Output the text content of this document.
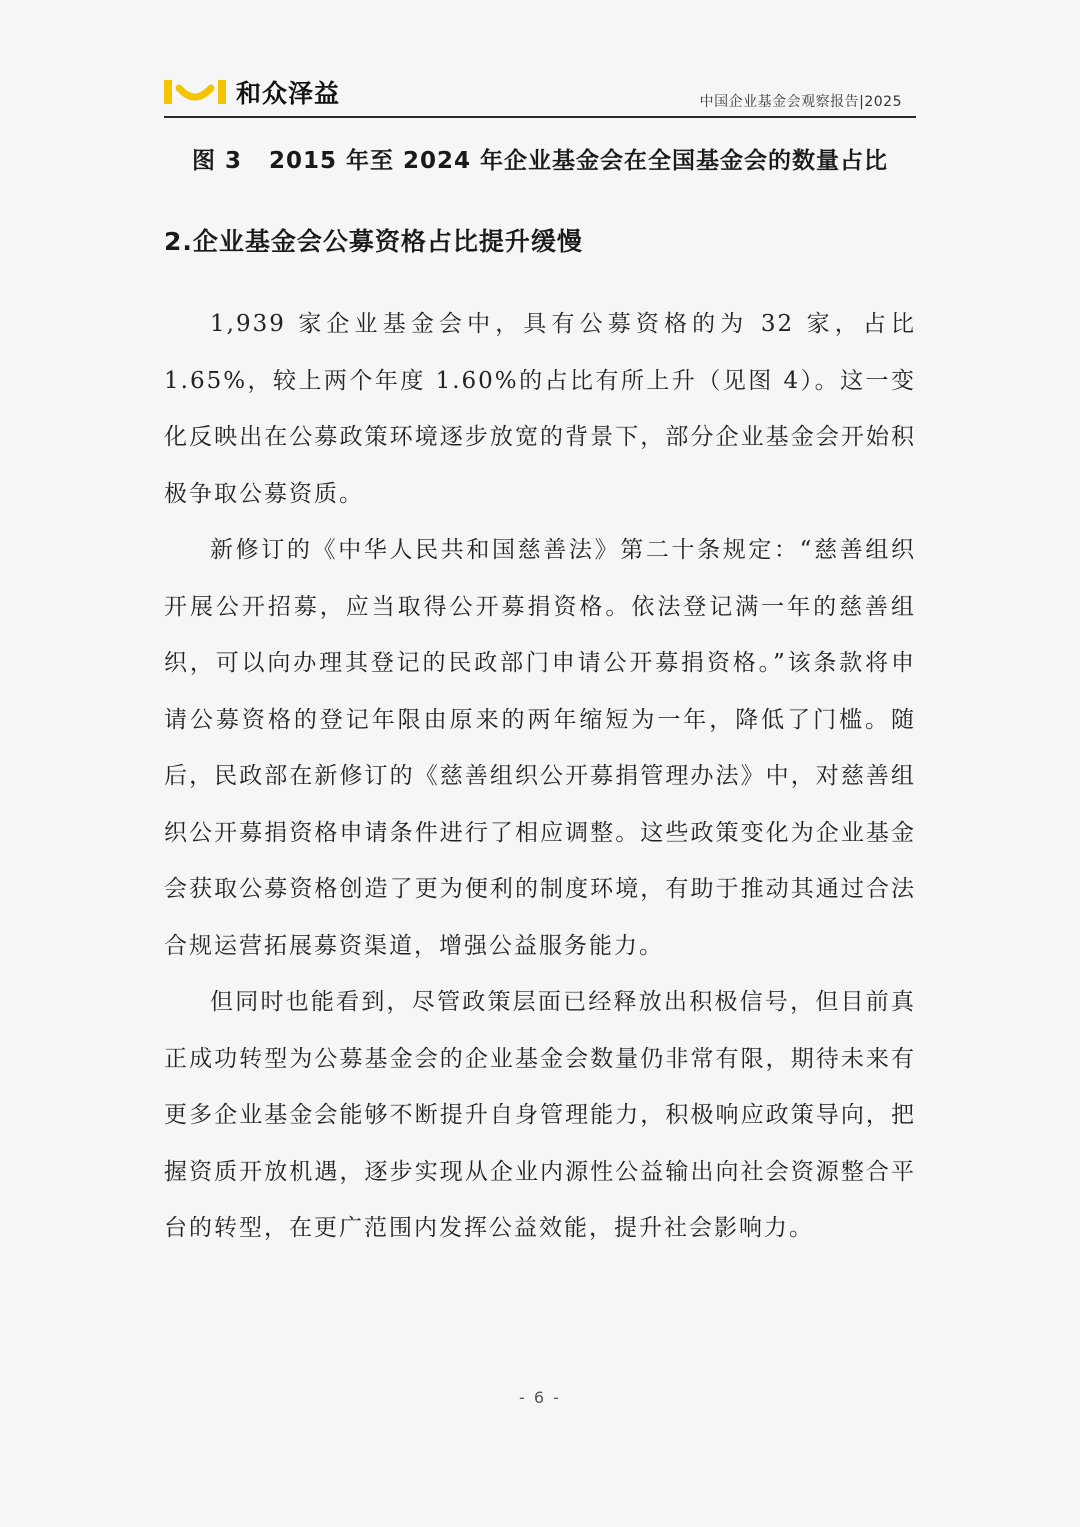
和众泽益	中国企业基金会观察报告|2025
图 3   2015 年至 2024 年企业基金会在全国基金会的数量占比
2.企业基金会公募资格占比提升缓慢

1,939 家企业基金会中，具有公募资格的为 32 家，占比 1.65%，较上两个年度 1.60%的占比有所上升（见图 4）。这一变化反映出在公募政策环境逐步放宽的背景下，部分企业基金会开始积极争取公募资质。

新修订的《中华人民共和国慈善法》第二十条规定：“慈善组织开展公开招募，应当取得公开募捐资格。依法登记满一年的慈善组织，可以向办理其登记的民政部门申请公开募捐资格。”该条款将申请公募资格的登记年限由原来的两年缩短为一年，降低了门槛。随后，民政部在新修订的《慈善组织公开募捐管理办法》中，对慈善组织公开募捐资格申请条件进行了相应调整。这些政策变化为企业基金会获取公募资格创造了更为便利的制度环境，有助于推动其通过合法合规运营拓展募资渠道，增强公益服务能力。

但同时也能看到，尽管政策层面已经释放出积极信号，但目前真正成功转型为公募基金会的企业基金会数量仍非常有限，期待未来有更多企业基金会能够不断提升自身管理能力，积极响应政策导向，把握资质开放机遇，逐步实现从企业内源性公益输出向社会资源整合平台的转型，在更广范围内发挥公益效能，提升社会影响力。

- 6 -
